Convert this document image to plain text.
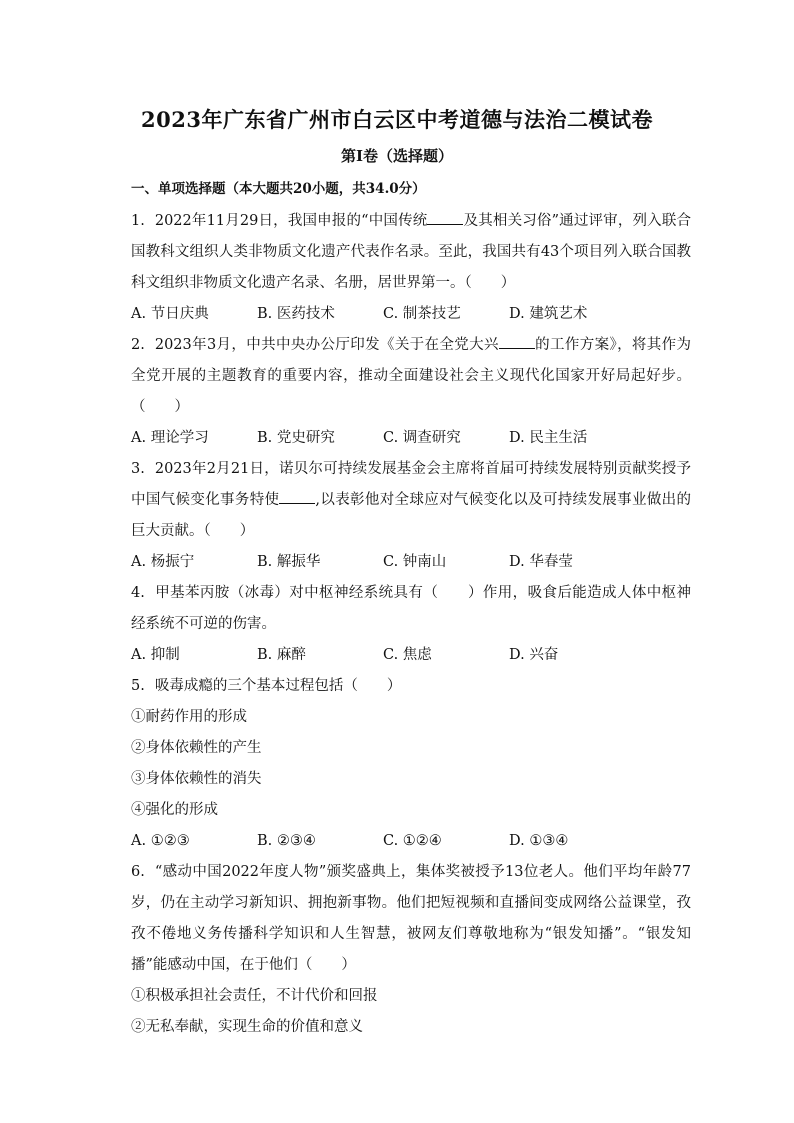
2023年广东省广州市白云区中考道德与法治二模试卷
第I卷（选择题）
一、单项选择题（本大题共20小题，共34.0分）
1. 2022年11月29日，我国申报的“中国传统 及其相关习俗”通过评审，列入联合国教科文组织人类非物质文化遗产代表作名录。至此，我国共有43个项目列入联合国教科文组织非物质文化遗产名录、名册，居世界第一。（　　）
A. 节日庆典	B. 医药技术	C. 制茶技艺	D. 建筑艺术
2. 2023年3月，中共中央办公厅印发《关于在全党大兴 的工作方案》，将其作为全党开展的主题教育的重要内容，推动全面建设社会主义现代化国家开好局起好步。（　　）
A. 理论学习	B. 党史研究	C. 调查研究	D. 民主生活
3. 2023年2月21日，诺贝尔可持续发展基金会主席将首届可持续发展特别贡献奖授予中国气候变化事务特使 ,以表彰他对全球应对气候变化以及可持续发展事业做出的巨大贡献。（　　）
A. 杨振宁	B. 解振华	C. 钟南山	D. 华春莹
4. 甲基苯丙胺（冰毒）对中枢神经系统具有（　　）作用，吸食后能造成人体中枢神经系统不可逆的伤害。
A. 抑制	B. 麻醉	C. 焦虑	D. 兴奋
5. 吸毒成瘾的三个基本过程包括（　　）
①耐药作用的形成
②身体依赖性的产生
③身体依赖性的消失
④强化的形成
A. ①②③	B. ②③④	C. ①②④	D. ①③④
6. “感动中国2022年度人物”颁奖盛典上，集体奖被授予13位老人。他们平均年龄77岁，仍在主动学习新知识、拥抱新事物。他们把短视频和直播间变成网络公益课堂，孜孜不倦地义务传播科学知识和人生智慧，被网友们尊敬地称为“银发知播”。“银发知播”能感动中国，在于他们（　　）
①积极承担社会责任，不计代价和回报
②无私奉献，实现生命的价值和意义
